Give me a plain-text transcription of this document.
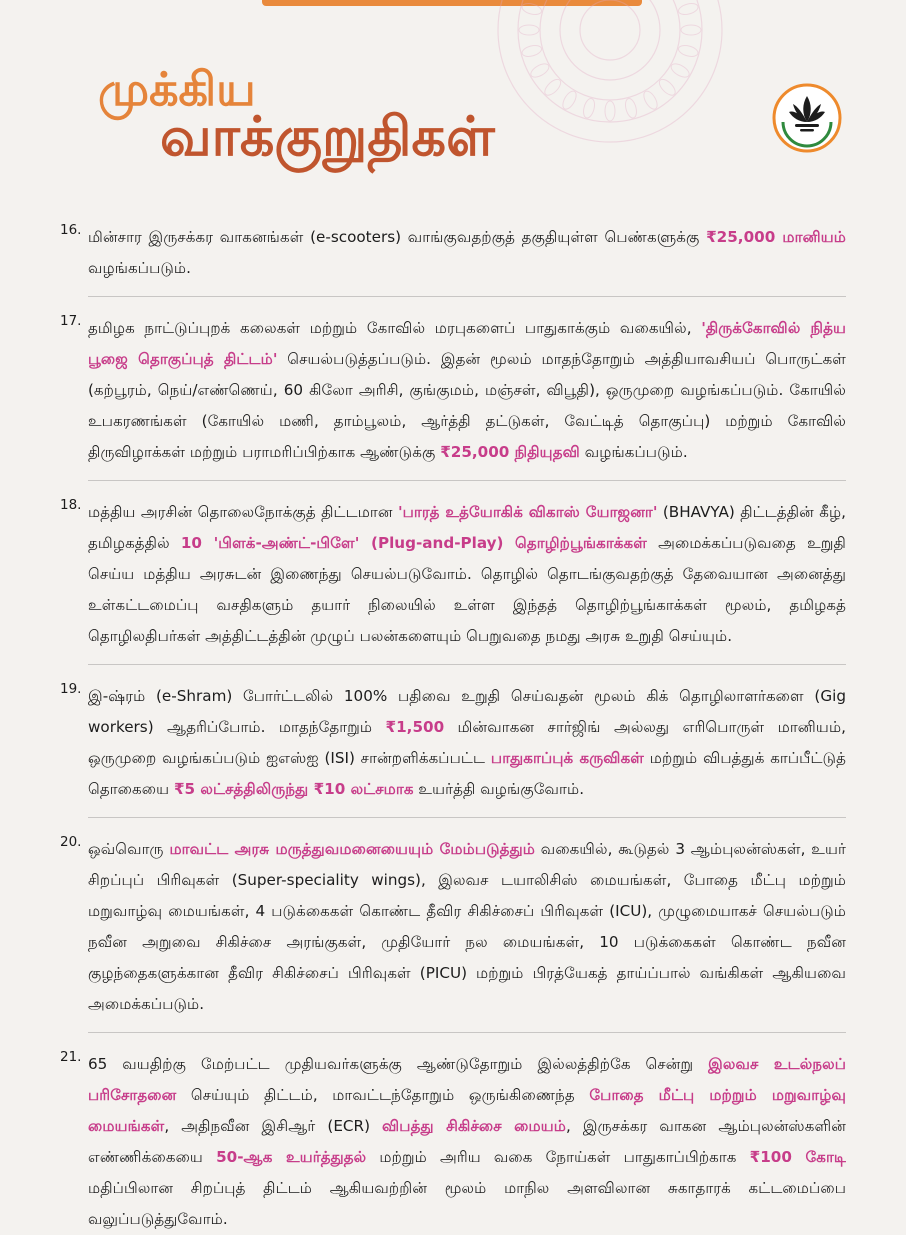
முக்கிய
வாக்குறுதிகள்
16. மின்சார இருசக்கர வாகனங்கள் (e-scooters) வாங்குவதற்குத் தகுதியுள்ள பெண்களுக்கு ₹25,000 மானியம் வழங்கப்படும்.

17. தமிழக நாட்டுப்புறக் கலைகள் மற்றும் கோவில் மரபுகளைப் பாதுகாக்கும் வகையில், 'திருக்கோவில் நித்ய பூஜை தொகுப்புத் திட்டம்' செயல்படுத்தப்படும். இதன் மூலம் மாதந்தோறும் அத்தியாவசியப் பொருட்கள் (கற்பூரம், நெய்/எண்ணெய், 60 கிலோ அரிசி, குங்குமம், மஞ்சள், விபூதி), ஒருமுறை வழங்கப்படும். கோயில் உபகரணங்கள் (கோயில் மணி, தாம்பூலம், ஆர்த்தி தட்டுகள், வேட்டித் தொகுப்பு) மற்றும் கோவில் திருவிழாக்கள் மற்றும் பராமரிப்பிற்காக ஆண்டுக்கு ₹25,000 நிதியுதவி வழங்கப்படும்.

18. மத்திய அரசின் தொலைநோக்குத் திட்டமான 'பாரத் உத்யோகிக் விகாஸ் யோஜனா' (BHAVYA) திட்டத்தின் கீழ், தமிழகத்தில் 10 'பிளக்-அண்ட்-பிளே' (Plug-and-Play) தொழிற்பூங்காக்கள் அமைக்கப்படுவதை உறுதி செய்ய மத்திய அரசுடன் இணைந்து செயல்படுவோம். தொழில் தொடங்குவதற்குத் தேவையான அனைத்து உள்கட்டமைப்பு வசதிகளும் தயார் நிலையில் உள்ள இந்தத் தொழிற்பூங்காக்கள் மூலம், தமிழகத் தொழிலதிபர்கள் அத்திட்டத்தின் முழுப் பலன்களையும் பெறுவதை நமது அரசு உறுதி செய்யும்.

19. இ-ஷ்ரம் (e-Shram) போர்ட்டலில் 100% பதிவை உறுதி செய்வதன் மூலம் கிக் தொழிலாளர்களை (Gig workers) ஆதரிப்போம். மாதந்தோறும் ₹1,500 மின்வாகன சார்ஜிங் அல்லது எரிபொருள் மானியம், ஒருமுறை வழங்கப்படும் ஐஎஸ்ஐ (ISI) சான்றளிக்கப்பட்ட பாதுகாப்புக் கருவிகள் மற்றும் விபத்துக் காப்பீட்டுத் தொகையை ₹5 லட்சத்திலிருந்து ₹10 லட்சமாக உயர்த்தி வழங்குவோம்.

20. ஒவ்வொரு மாவட்ட அரசு மருத்துவமனையையும் மேம்படுத்தும் வகையில், கூடுதல் 3 ஆம்புலன்ஸ்கள், உயர் சிறப்புப் பிரிவுகள் (Super-speciality wings), இலவச டயாலிசிஸ் மையங்கள், போதை மீட்பு மற்றும் மறுவாழ்வு மையங்கள், 4 படுக்கைகள் கொண்ட தீவிர சிகிச்சைப் பிரிவுகள் (ICU), முழுமையாகச் செயல்படும் நவீன அறுவை சிகிச்சை அரங்குகள், முதியோர் நல மையங்கள், 10 படுக்கைகள் கொண்ட நவீன குழந்தைகளுக்கான தீவிர சிகிச்சைப் பிரிவுகள் (PICU) மற்றும் பிரத்யேகத் தாய்ப்பால் வங்கிகள் ஆகியவை அமைக்கப்படும்.

21. 65 வயதிற்கு மேற்பட்ட முதியவர்களுக்கு ஆண்டுதோறும் இல்லத்திற்கே சென்று இலவச உடல்நலப் பரிசோதனை செய்யும் திட்டம், மாவட்டந்தோறும் ஒருங்கிணைந்த போதை மீட்பு மற்றும் மறுவாழ்வு மையங்கள், அதிநவீன இசிஆர் (ECR) விபத்து சிகிச்சை மையம், இருசக்கர வாகன ஆம்புலன்ஸ்களின் எண்ணிக்கையை 50-ஆக உயர்த்துதல் மற்றும் அரிய வகை நோய்கள் பாதுகாப்பிற்காக ₹100 கோடி மதிப்பிலான சிறப்புத் திட்டம் ஆகியவற்றின் மூலம் மாநில அளவிலான சுகாதாரக் கட்டமைப்பை வலுப்படுத்துவோம்.
